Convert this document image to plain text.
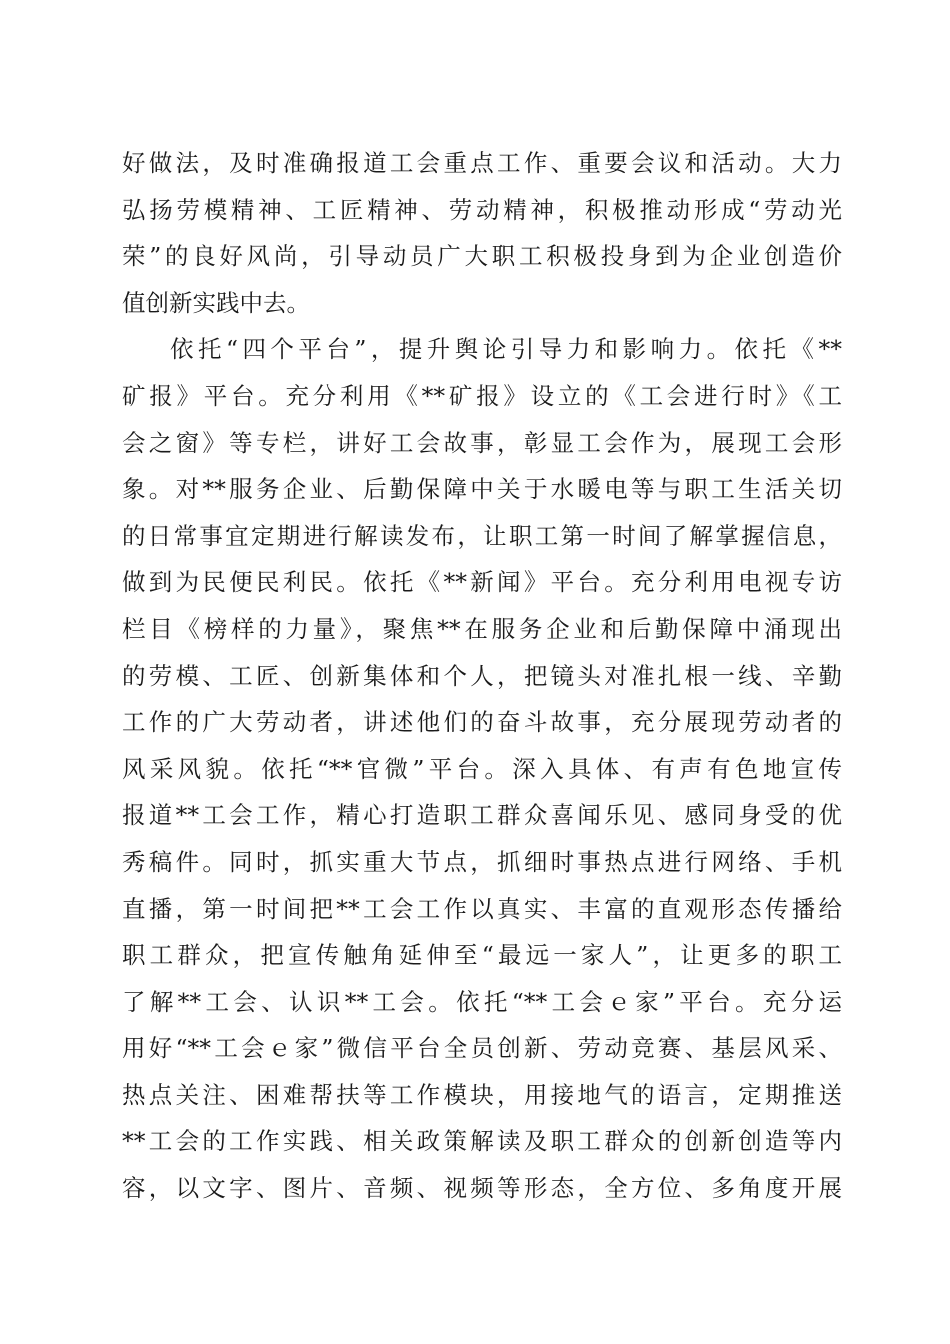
好做法，及时准确报道工会重点工作、重要会议和活动。大力
弘扬劳模精神、工匠精神、劳动精神，积极推动形成“劳动光
荣”的良好风尚，引导动员广大职工积极投身到为企业创造价
值创新实践中去。
依托“四个平台”，提升舆论引导力和影响力。依托《**
矿报》平台。充分利用《**矿报》设立的《工会进行时》《工
会之窗》等专栏，讲好工会故事，彰显工会作为，展现工会形
象。对**服务企业、后勤保障中关于水暖电等与职工生活关切
的日常事宜定期进行解读发布，让职工第一时间了解掌握信息，
做到为民便民利民。依托《**新闻》平台。充分利用电视专访
栏目《榜样的力量》，聚焦**在服务企业和后勤保障中涌现出
的劳模、工匠、创新集体和个人，把镜头对准扎根一线、辛勤
工作的广大劳动者，讲述他们的奋斗故事，充分展现劳动者的
风采风貌。依托“**官微”平台。深入具体、有声有色地宣传
报道**工会工作，精心打造职工群众喜闻乐见、感同身受的优
秀稿件。同时，抓实重大节点，抓细时事热点进行网络、手机
直播，第一时间把**工会工作以真实、丰富的直观形态传播给
职工群众，把宣传触角延伸至“最远一家人”，让更多的职工
了解**工会、认识**工会。依托“**工会ｅ家”平台。充分运
用好“**工会ｅ家”微信平台全员创新、劳动竞赛、基层风采、
热点关注、困难帮扶等工作模块，用接地气的语言，定期推送
**工会的工作实践、相关政策解读及职工群众的创新创造等内
容，以文字、图片、音频、视频等形态，全方位、多角度开展
